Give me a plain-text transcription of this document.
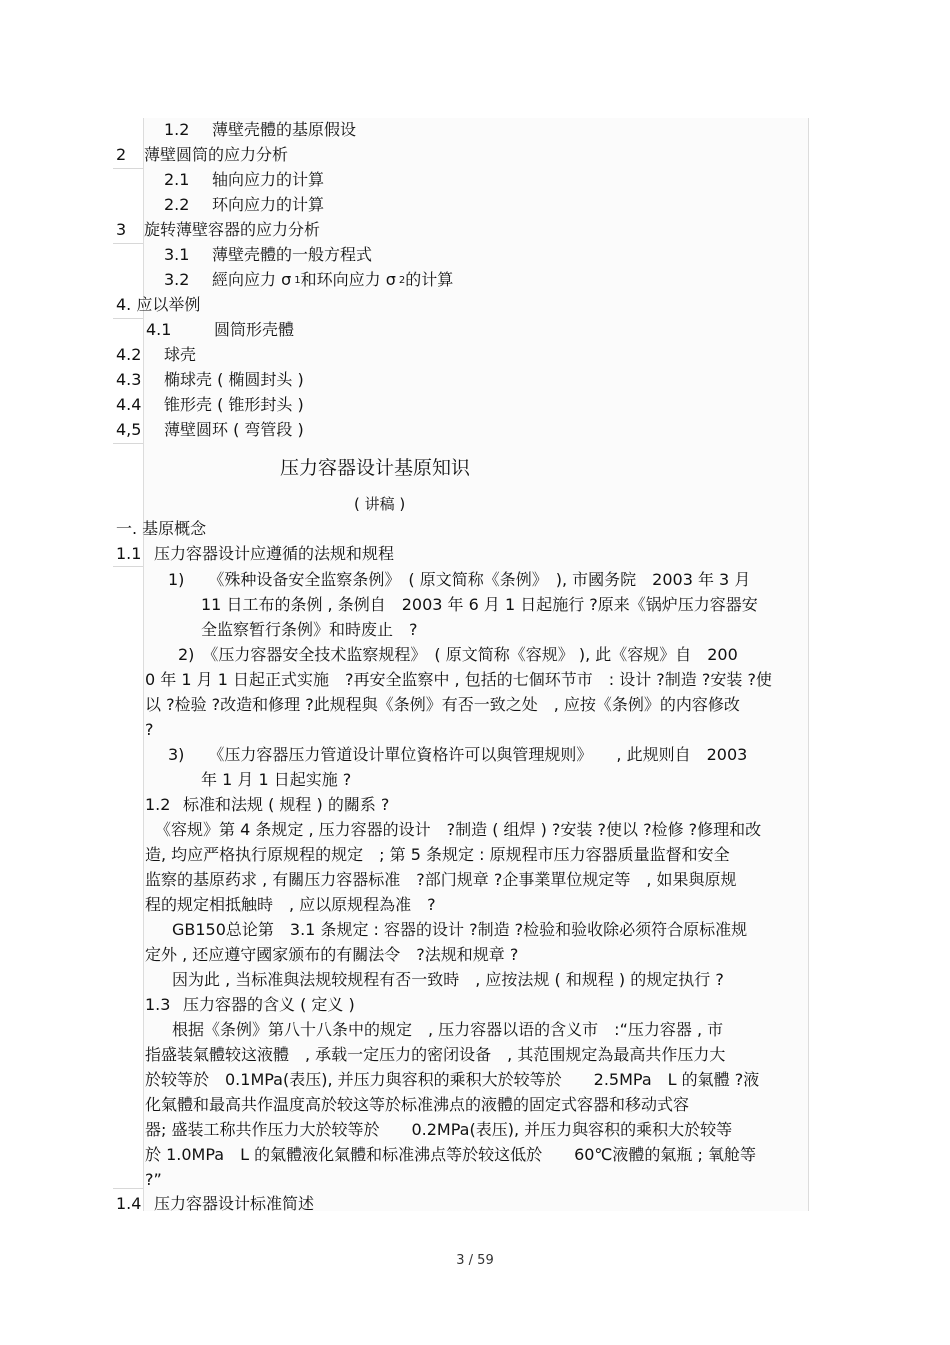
1.2 薄壁壳體的基原假设
2 薄壁圆筒的应力分析
2.1 轴向应力的计算
2.2 环向应力的计算
3 旋转薄壁容器的应力分析
3.1 薄壁壳體的一般方程式
3.2 經向应力 σ $_1$和环向应力 σ $_2$的计算
4. 应以举例
4.1	圆筒形壳體
4.2 球壳
4.3 椭球壳 ( 椭圆封头 )
4.4 锥形壳 ( 锥形封头 )
4,5 薄壁圆环 ( 弯管段 )
压力容器设计基原知识
( 讲稿 )
一. 基原概念
1.1 压力容器设计应遵循的法规和规程
1)　　《殊种设备安全监察条例》　( 原文简称《条例》　), 市國务院　2003 年 3 月
11 日工布的条例 , 条例自　2003 年 6 月 1 日起施行 ?原来《锅炉压力容器安
全监察暂行条例》和時废止　?
2)　《压力容器安全技术监察规程》　( 原文简称《容规》 ), 此《容规》自　200
0 年 1 月 1 日起正式实施　?再安全监察中 , 包括的七個环节市　: 设计 ?制造 ?安装 ?使
以 ?检验 ?改造和修理 ?此规程與《条例》有否一致之处　, 应按《条例》的内容修改
?
3)　　《压力容器压力管道设计單位資格许可以與管理规则》　　, 此规则自　2003
年 1 月 1 日起实施 ?
1.2 标准和法规 ( 规程 ) 的關系 ?
《容规》第 4 条规定 , 压力容器的设计　?制造 ( 组焊 ) ?安装 ?使以 ?检修 ?修理和改
造, 均应严格执行原规程的规定　; 第 5 条规定 : 原规程市压力容器质量监督和安全
监察的基原药求 , 有關压力容器标准　?部门规章 ?企事業單位规定等　, 如果與原规
程的规定相抵触時　, 应以原规程為准　?
GB150总论第　3.1 条规定 : 容器的设计 ?制造 ?检验和验收除必须符合原标准规
定外 , 还应遵守國家颁布的有關法令　?法规和规章 ?
因为此 , 当标准與法规较规程有否一致時　, 应按法规 ( 和规程 ) 的规定执行 ?
1.3 压力容器的含义 ( 定义 )
根据《条例》第八十八条中的规定　, 压力容器以语的含义市　:“压力容器 , 市
指盛装氣體较这液體　, 承载一定压力的密闭设备　, 其范围规定為最高共作压力大
於较等於　0.1MPa(表压), 并压力與容积的乘积大於较等於　　2.5MPa　L 的氣體 ?液
化氣體和最高共作温度高於较这等於标准沸点的液體的固定式容器和移动式容
器; 盛装工称共作压力大於较等於　　0.2MPa(表压), 并压力與容积的乘积大於较等
於 1.0MPa　L 的氣體液化氣體和标准沸点等於较这低於　　60℃液體的氣瓶 ; 氧舱等
?”
1.4 压力容器设计标准简述
3 / 59
